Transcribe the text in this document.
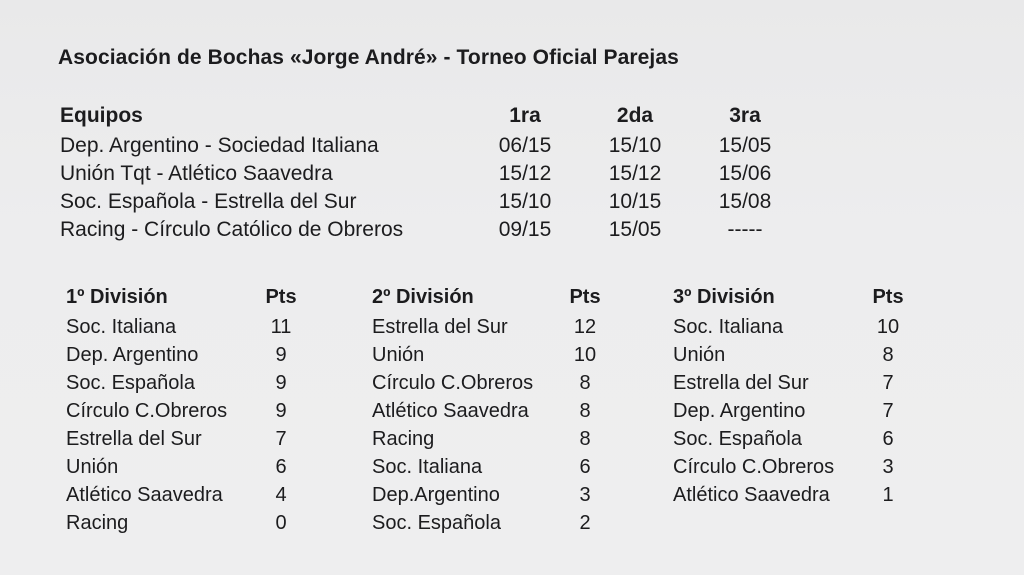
Asociación de Bochas «Jorge André» - Torneo Oficial Parejas
Equipos	1ra	2da	3ra
Dep. Argentino - Sociedad Italiana	06/15	15/10	15/05
Unión Tqt - Atlético Saavedra	15/12	15/12	15/06
Soc. Española - Estrella del Sur	15/10	10/15	15/08
Racing - Círculo Católico de Obreros	09/15	15/05	-----
1º División	Pts
Soc. Italiana	11
Dep. Argentino	9
Soc. Española	9
Círculo C.Obreros	9
Estrella del Sur	7
Unión	6
Atlético Saavedra	4
Racing	0
2º División	Pts
Estrella del Sur	12
Unión	10
Círculo C.Obreros	8
Atlético Saavedra	8
Racing	8
Soc. Italiana	6
Dep.Argentino	3
Soc. Española	2
3º División	Pts
Soc. Italiana	10
Unión	8
Estrella del Sur	7
Dep. Argentino	7
Soc. Española	6
Círculo C.Obreros	3
Atlético Saavedra	1
